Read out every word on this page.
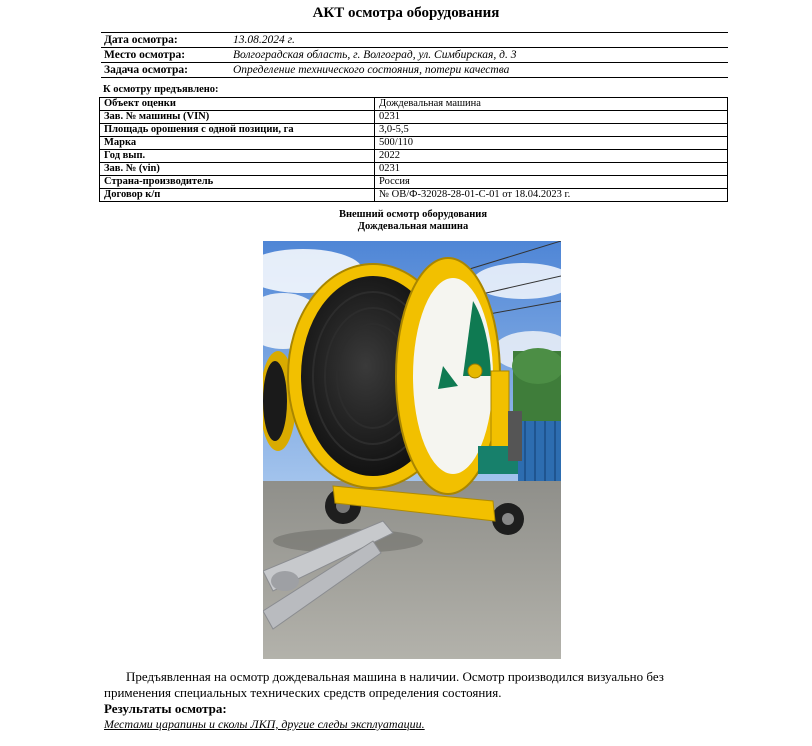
АКТ осмотра оборудования
Дата осмотра:	13.08.2024 г.
Место осмотра:	Волгоградская область, г. Волгоград, ул. Симбирская, д. 3
Задача осмотра:	Определение технического состояния, потери качества
К осмотру предъявлено:
Объект оценки	Дождевальная машина
Зав. № машины (VIN)	0231
Площадь орошения с одной позиции, га	3,0-5,5
Марка	500/110
Год вып.	2022
Зав. № (vin)	0231
Страна-производитель	Россия
Договор к/п	№ ОВ/Ф-32028-28-01-С-01 от 18.04.2023 г.
Внешний осмотр оборудования
Дождевальная машина
Предъявленная на осмотр дождевальная машина в наличии. Осмотр производился визуально без применения специальных технических средств определения состояния.
Результаты осмотра:
Местами царапины и сколы ЛКП, другие следы эксплуатации.
